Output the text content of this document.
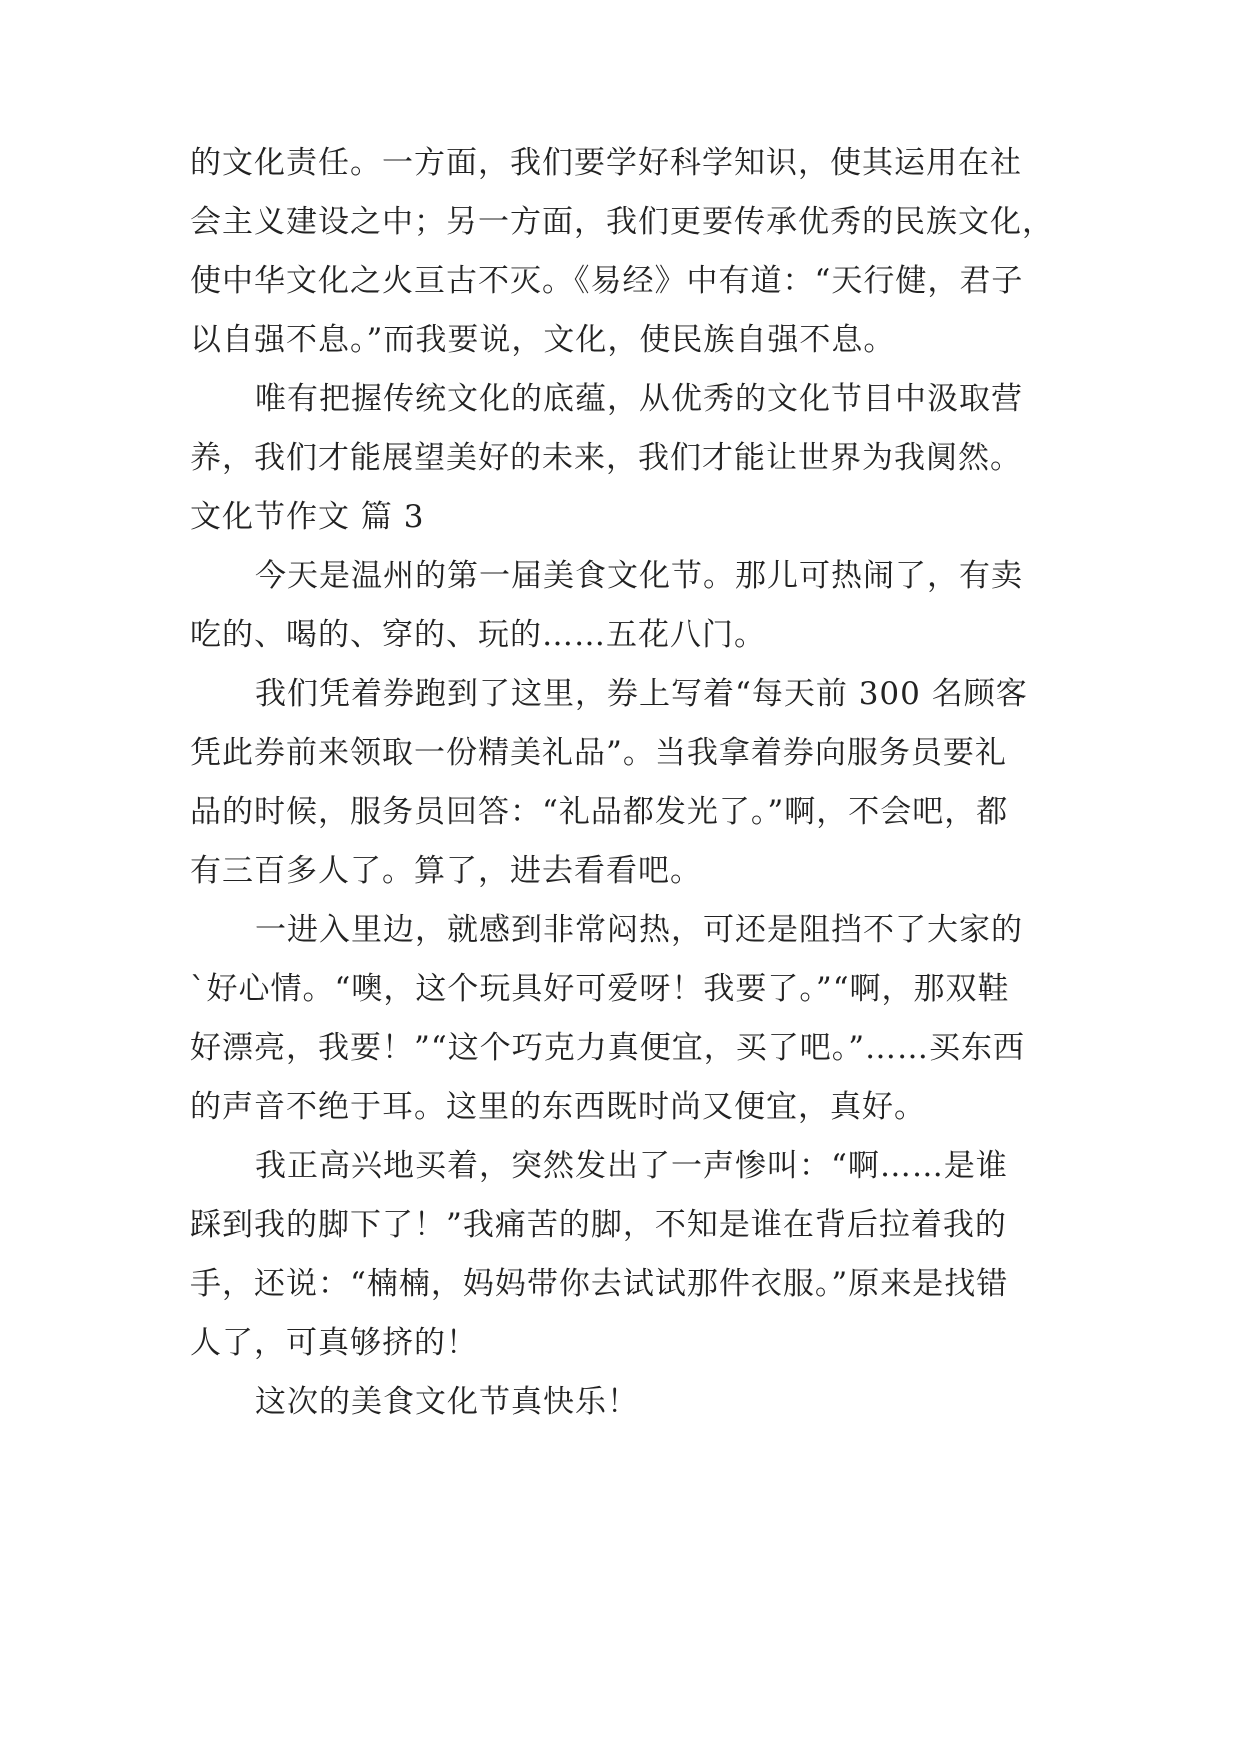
的文化责任。一方面，我们要学好科学知识，使其运用在社
会主义建设之中；另一方面，我们更要传承优秀的民族文化，
使中华文化之火亘古不灭。《易经》中有道：“天行健，君子
以自强不息。”而我要说，文化，使民族自强不息。
唯有把握传统文化的底蕴，从优秀的文化节目中汲取营
养，我们才能展望美好的未来，我们才能让世界为我阒然。
文化节作文 篇 3
今天是温州的第一届美食文化节。那儿可热闹了，有卖
吃的、喝的、穿的、玩的……五花八门。
我们凭着券跑到了这里，券上写着“每天前 300 名顾客
凭此券前来领取一份精美礼品”。当我拿着券向服务员要礼
品的时候，服务员回答：“礼品都发光了。”啊，不会吧，都
有三百多人了。算了，进去看看吧。
一进入里边，就感到非常闷热，可还是阻挡不了大家的
`好心情。“噢，这个玩具好可爱呀！我要了。”“啊，那双鞋
好漂亮，我要！”“这个巧克力真便宜，买了吧。”……买东西
的声音不绝于耳。这里的东西既时尚又便宜，真好。
我正高兴地买着，突然发出了一声惨叫：“啊……是谁
踩到我的脚下了！”我痛苦的脚，不知是谁在背后拉着我的
手，还说：“楠楠，妈妈带你去试试那件衣服。”原来是找错
人了，可真够挤的！
这次的美食文化节真快乐！
